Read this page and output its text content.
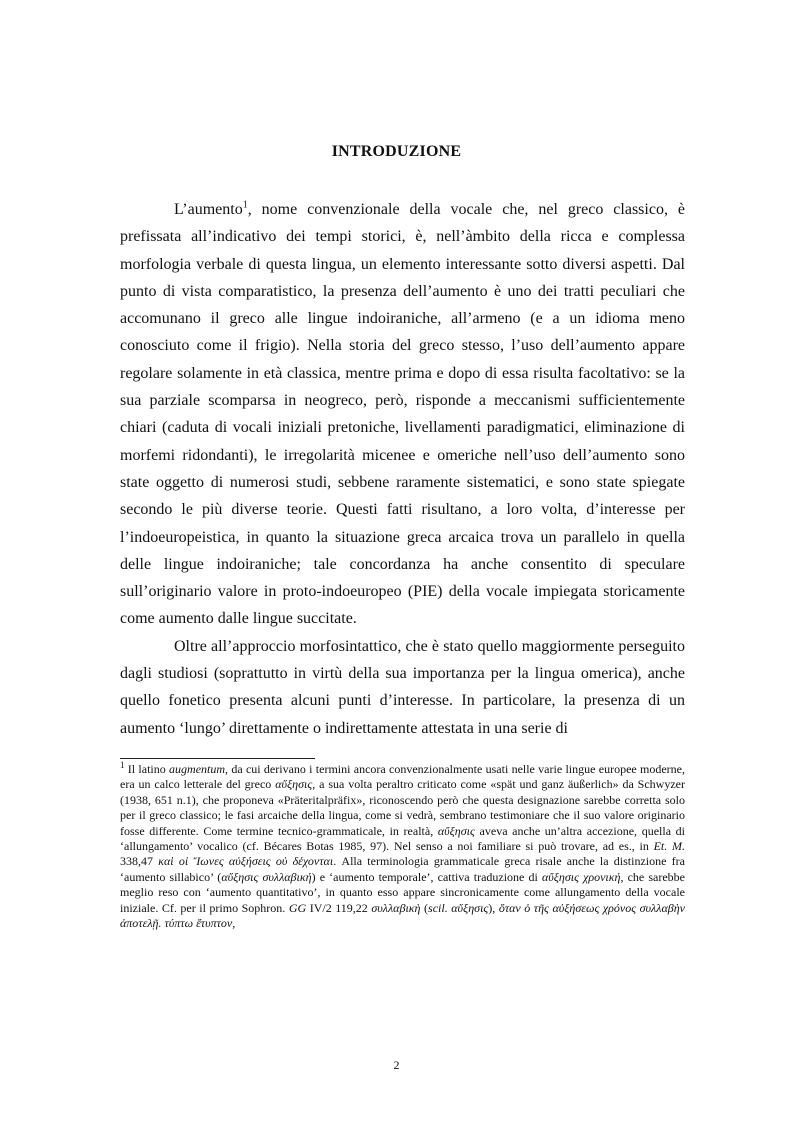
INTRODUZIONE

L’aumento$^1$, nome convenzionale della vocale che, nel greco classico, è prefissata all’indicativo dei tempi storici, è, nell’àmbito della ricca e complessa morfologia verbale di questa lingua, un elemento interessante sotto diversi aspetti. Dal punto di vista comparatistico, la presenza dell’aumento è uno dei tratti peculiari che accomunano il greco alle lingue indoiraniche, all’armeno (e a un idioma meno conosciuto come il frigio). Nella storia del greco stesso, l’uso dell’aumento appare regolare solamente in età classica, mentre prima e dopo di essa risulta facoltativo: se la sua parziale scomparsa in neogreco, però, risponde a meccanismi sufficientemente chiari (caduta di vocali iniziali pretoniche, livellamenti paradigmatici, eliminazione di morfemi ridondanti), le irregolarità micenee e omeriche nell’uso dell’aumento sono state oggetto di numerosi studi, sebbene raramente sistematici, e sono state spiegate secondo le più diverse teorie. Questi fatti risultano, a loro volta, d’interesse per l’indoeuropeistica, in quanto la situazione greca arcaica trova un parallelo in quella delle lingue indoiraniche; tale concordanza ha anche consentito di speculare sull’originario valore in proto-indoeuropeo (PIE) della vocale impiegata storicamente come aumento dalle lingue succitate.

Oltre all’approccio morfosintattico, che è stato quello maggiormente perseguito dagli studiosi (soprattutto in virtù della sua importanza per la lingua omerica), anche quello fonetico presenta alcuni punti d’interesse. In particolare, la presenza di un aumento ‘lungo’ direttamente o indirettamente attestata in una serie di

$^1$ Il latino augmentum, da cui derivano i termini ancora convenzionalmente usati nelle varie lingue europee moderne, era un calco letterale del greco αὔξησις, a sua volta peraltro criticato come «spät und ganz äußerlich» da Schwyzer (1938, 651 n.1), che proponeva «Präteritalpräfix», riconoscendo però che questa designazione sarebbe corretta solo per il greco classico; le fasi arcaiche della lingua, come si vedrà, sembrano testimoniare che il suo valore originario fosse differente. Come termine tecnico-grammaticale, in realtà, αὔξησις aveva anche un’altra accezione, quella di ‘allungamento’ vocalico (cf. Bécares Botas 1985, 97). Nel senso a noi familiare si può trovare, ad es., in Et. M. 338,47 καὶ οἱ Ἴωνες αὐξήσεις οὐ δέχονται. Alla terminologia grammaticale greca risale anche la distinzione fra ‘aumento sillabico’ (αὔξησις συλλαβική) e ‘aumento temporale’, cattiva traduzione di αὔξησις χρονική, che sarebbe meglio reso con ‘aumento quantitativo’, in quanto esso appare sincronicamente come allungamento della vocale iniziale. Cf. per il primo Sophron. GG IV/2 119,22 συλλαβικὴ (scil. αὔξησις), ὅταν ὁ τῆς αὐξήσεως χρόνος συλλαβὴν ἀποτελῇ. τύπτω ἔτυπτον,

2
